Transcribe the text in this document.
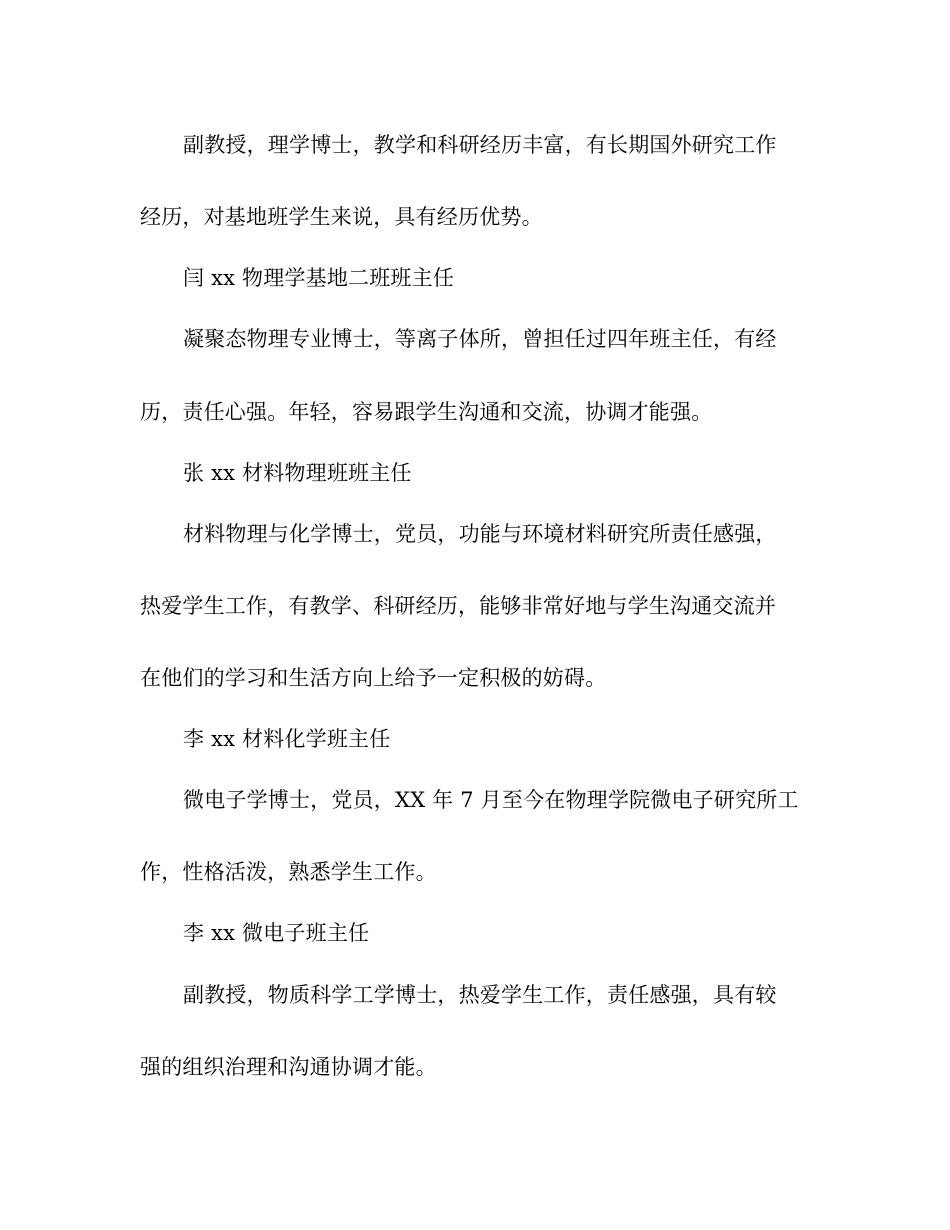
副教授，理学博士，教学和科研经历丰富，有长期国外研究工作
经历，对基地班学生来说，具有经历优势。
闫 xx 物理学基地二班班主任
凝聚态物理专业博士，等离子体所，曾担任过四年班主任，有经
历，责任心强。年轻，容易跟学生沟通和交流，协调才能强。
张 xx 材料物理班班主任
材料物理与化学博士，党员，功能与环境材料研究所责任感强，
热爱学生工作，有教学、科研经历，能够非常好地与学生沟通交流并
在他们的学习和生活方向上给予一定积极的妨碍。
李 xx 材料化学班主任
微电子学博士，党员，XX 年 7 月至今在物理学院微电子研究所工
作，性格活泼，熟悉学生工作。
李 xx 微电子班主任
副教授，物质科学工学博士，热爱学生工作，责任感强，具有较
强的组织治理和沟通协调才能。
